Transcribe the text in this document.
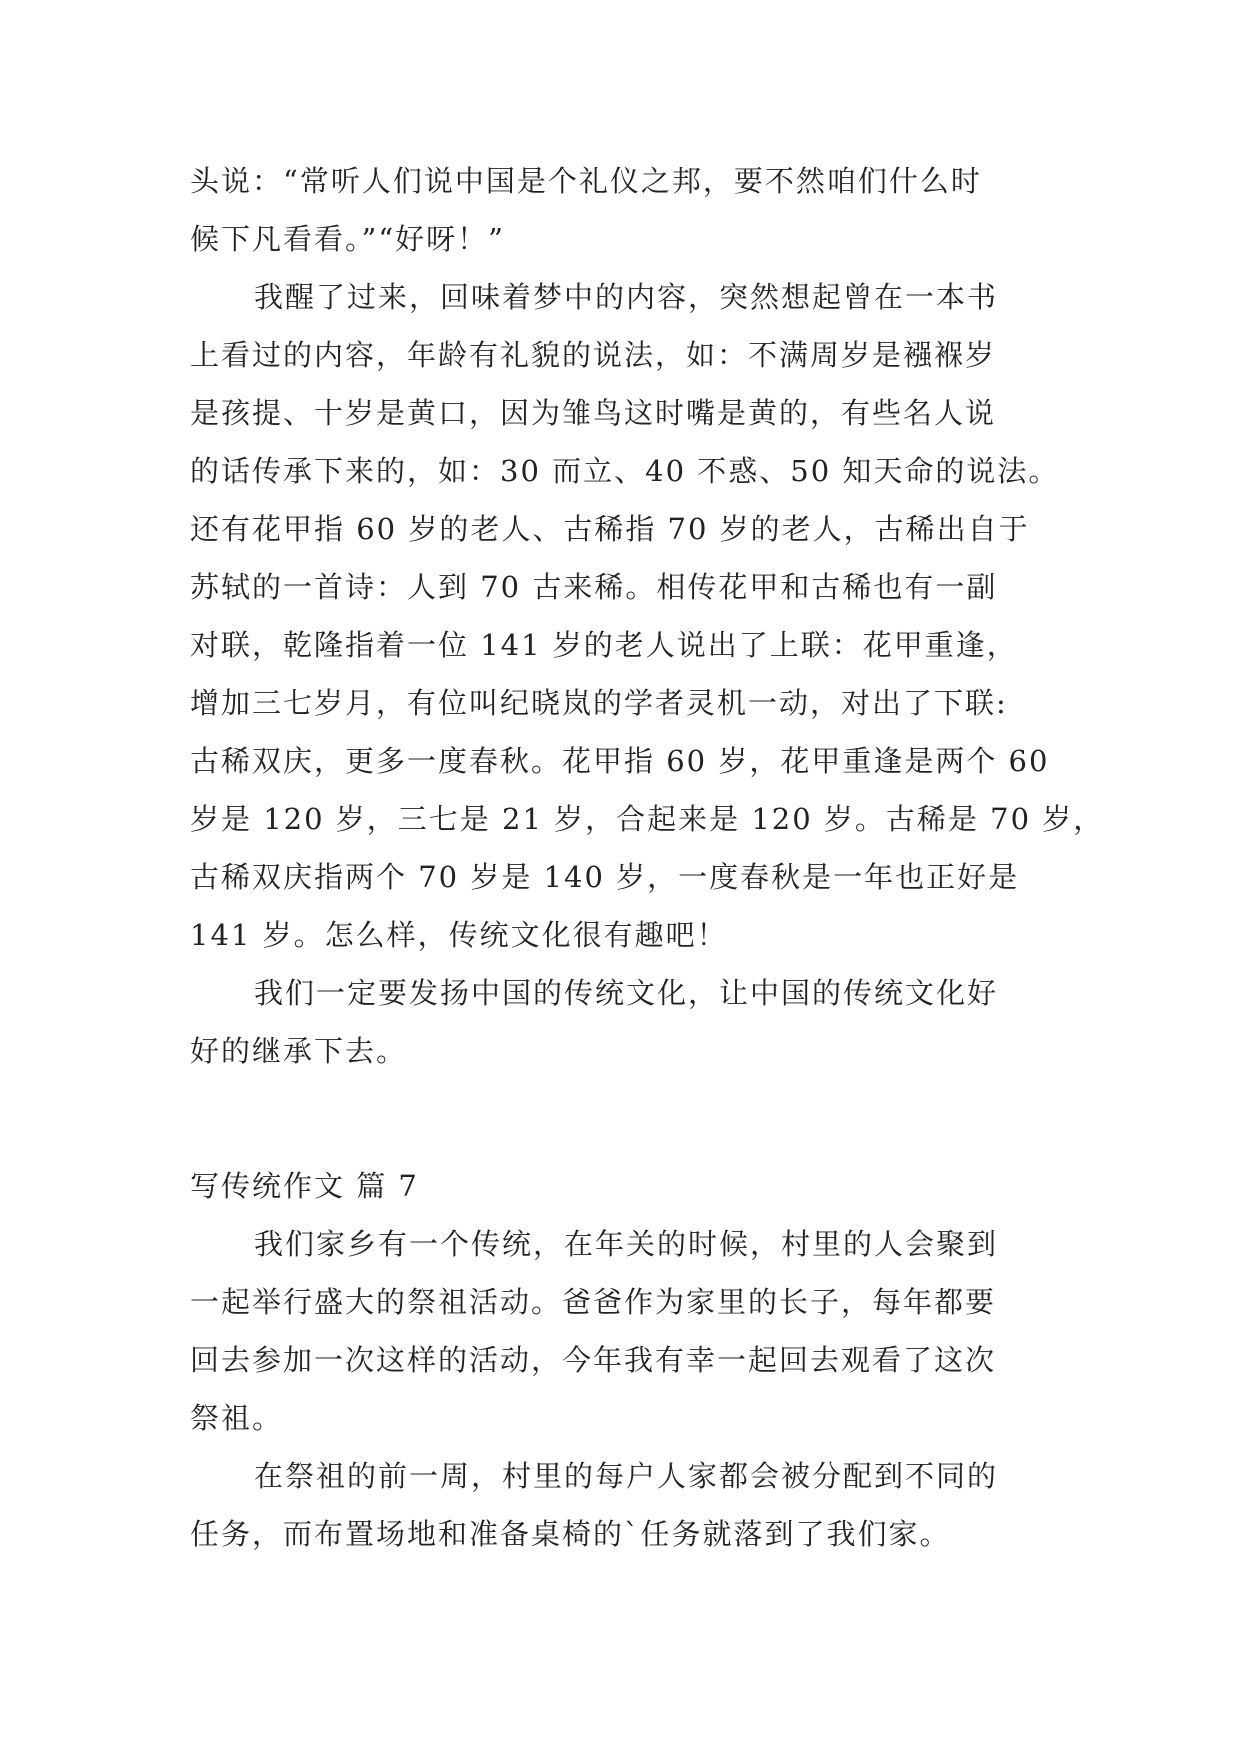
头说：“常听人们说中国是个礼仪之邦，要不然咱们什么时
候下凡看看。”“好呀！”
我醒了过来，回味着梦中的内容，突然想起曾在一本书
上看过的内容，年龄有礼貌的说法，如：不满周岁是襁褓岁
是孩提、十岁是黄口，因为雏鸟这时嘴是黄的，有些名人说
的话传承下来的，如：30 而立、40 不惑、50 知天命的说法。
还有花甲指 60 岁的老人、古稀指 70 岁的老人，古稀出自于
苏轼的一首诗：人到 70 古来稀。相传花甲和古稀也有一副
对联，乾隆指着一位 141 岁的老人说出了上联：花甲重逢，
增加三七岁月，有位叫纪晓岚的学者灵机一动，对出了下联:
古稀双庆，更多一度春秋。花甲指 60 岁，花甲重逢是两个 60
岁是 120 岁，三七是 21 岁，合起来是 120 岁。古稀是 70 岁，
古稀双庆指两个 70 岁是 140 岁，一度春秋是一年也正好是
141 岁。怎么样，传统文化很有趣吧！
我们一定要发扬中国的传统文化，让中国的传统文化好
好的继承下去。
写传统作文 篇 7
我们家乡有一个传统，在年关的时候，村里的人会聚到
一起举行盛大的祭祖活动。爸爸作为家里的长子，每年都要
回去参加一次这样的活动，今年我有幸一起回去观看了这次
祭祖。
在祭祖的前一周，村里的每户人家都会被分配到不同的
任务，而布置场地和准备桌椅的`任务就落到了我们家。
